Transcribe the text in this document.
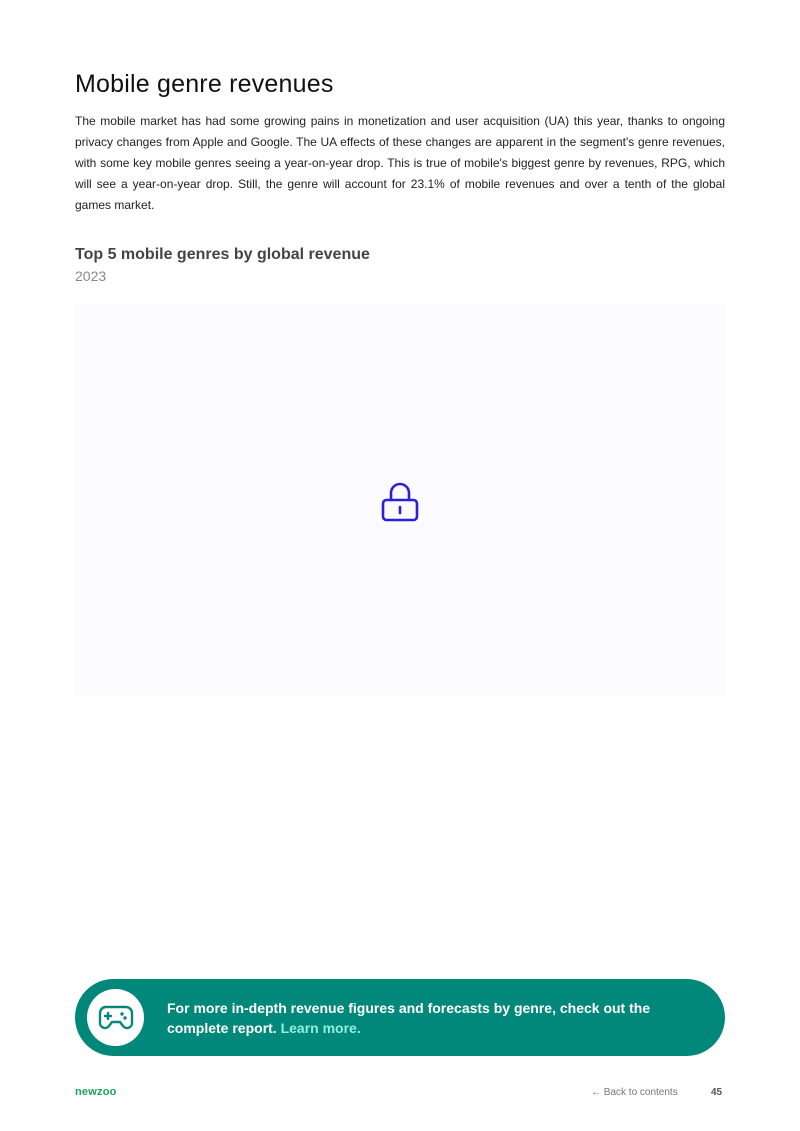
Mobile genre revenues

The mobile market has had some growing pains in monetization and user acquisition (UA) this year, thanks to ongoing privacy changes from Apple and Google. The UA effects of these changes are apparent in the segment's genre revenues, with some key mobile genres seeing a year-on-year drop. This is true of mobile's biggest genre by revenues, RPG, which will see a year-on-year drop. Still, the genre will account for 23.1% of mobile revenues and over a tenth of the global games market.

Top 5 mobile genres by global revenue
2023
For more in-depth revenue figures and forecasts by genre, check out the complete report. Learn more.
newzoo	← Back to contents	45
